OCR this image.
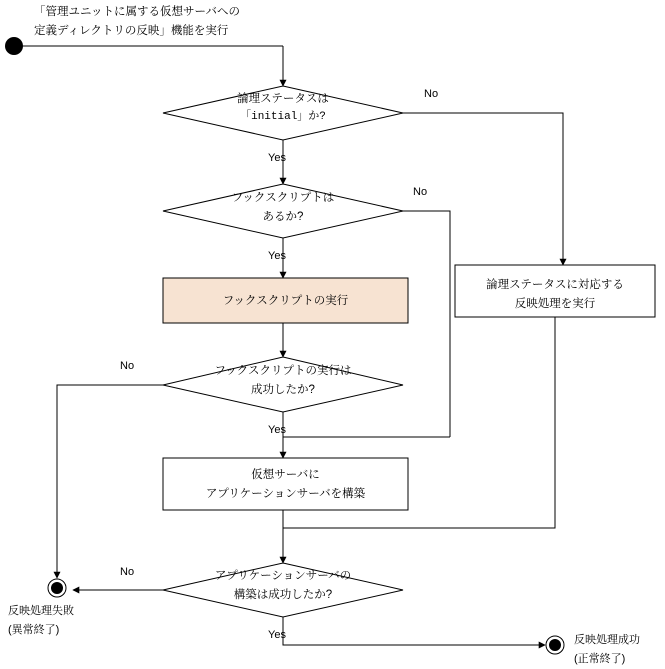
「管理ユニットに属する仮想サーバへの
定義ディレクトリの反映」機能を実行
論理ステータスは
「initial」か?
Yes
No
フックスクリプトは
あるか?
Yes
No
フックスクリプトの実行
論理ステータスに対応する
反映処理を実行
フックスクリプトの実行は
成功したか?
Yes
No
仮想サーバに
アプリケーションサーバを構築
アプリケーションサーバの
構築は成功したか?
Yes
No
反映処理失敗
(異常終了)
反映処理成功
(正常終了)
